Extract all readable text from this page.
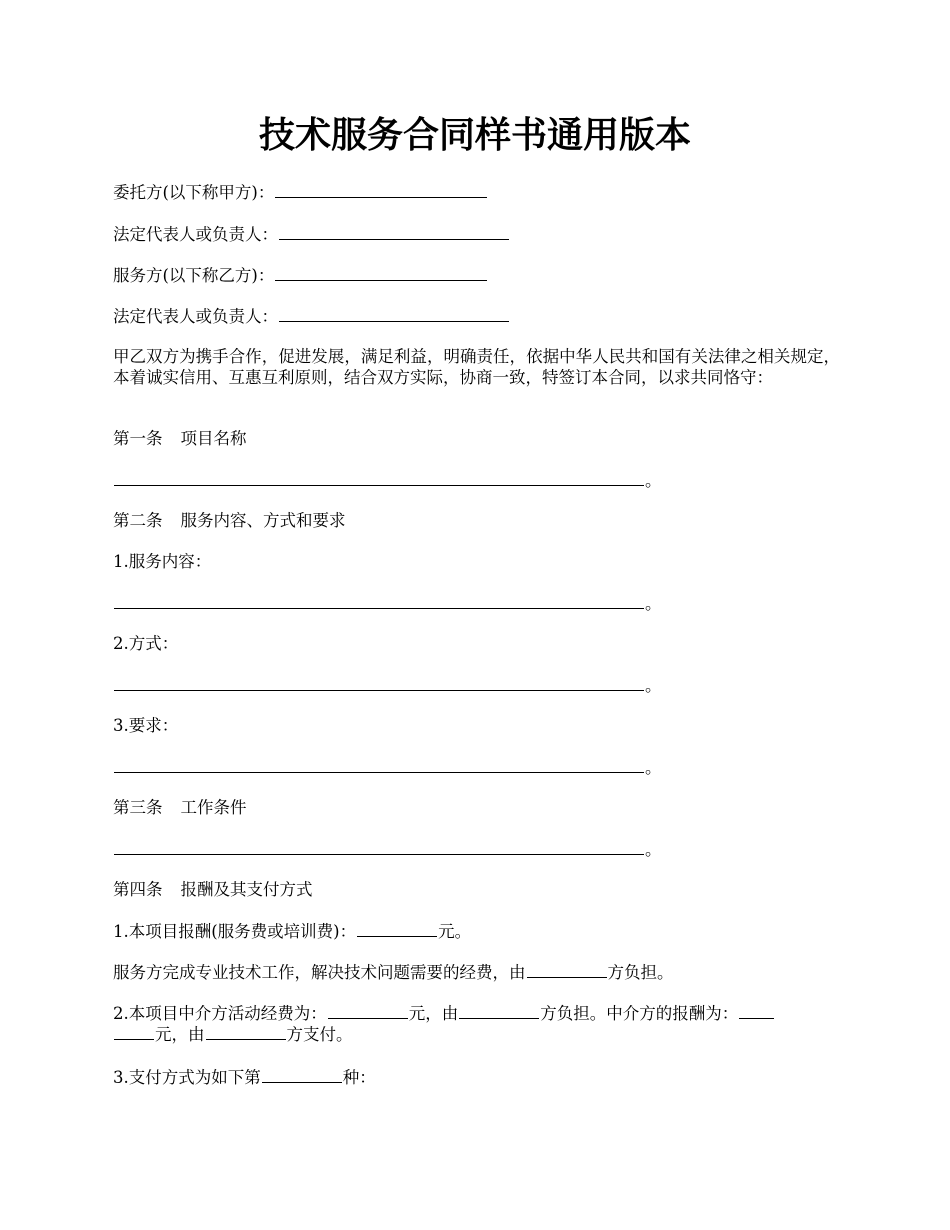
技术服务合同样书通用版本
委托方(以下称甲方)：
法定代表人或负责人：
服务方(以下称乙方)：
法定代表人或负责人：
甲乙双方为携手合作，促进发展，满足利益，明确责任，依据中华人民共和国有关法律之相关规定，本着诚实信用、互惠互利原则，结合双方实际，协商一致，特签订本合同，以求共同恪守：
第一条 项目名称
。
第二条 服务内容、方式和要求
1.服务内容：
。
2.方式：
。
3.要求：
。
第三条 工作条件
。
第四条 报酬及其支付方式
1.本项目报酬(服务费或培训费)：	元。
服务方完成专业技术工作，解决技术问题需要的经费，由	方负担。
2.本项目中介方活动经费为：	元，由	方负担。中介方的报酬为：
元，由	方支付。
3.支付方式为如下第	种：
